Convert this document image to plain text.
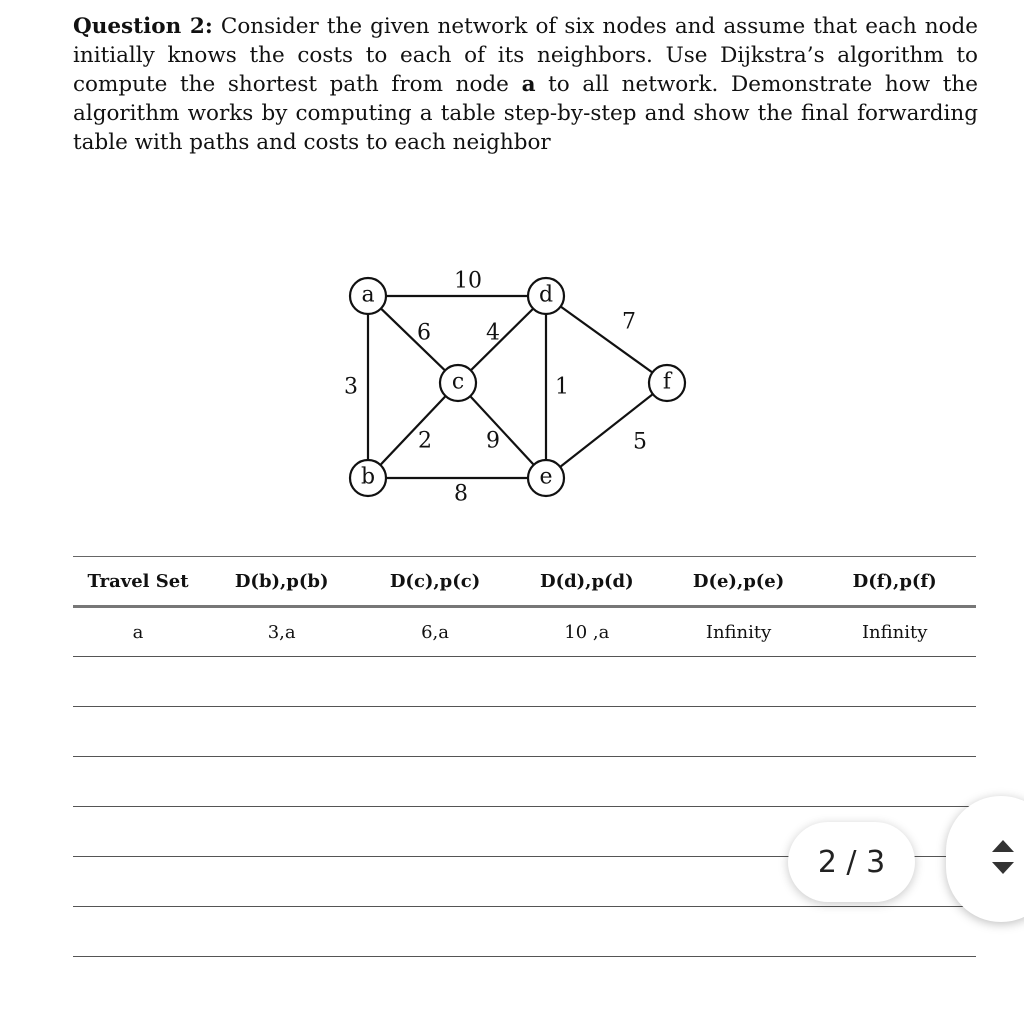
Question 2: Consider the given network of six nodes and assume that each node initially knows the costs to each of its neighbors. Use Dijkstra’s algorithm to compute the shortest path from node a to all network. Demonstrate how the algorithm works by computing a table step-by-step and show the final forwarding table with paths and costs to each neighbor

10
6
3
4
2 9
8
1
7
5
a
b
c
d
e
f
Travel Set	D(b),p(b)	D(c),p(c)	D(d),p(d)	D(e),p(e)	D(f),p(f)
a	3,a	6,a	10 ,a	Infinity	Infinity

2 / 3
